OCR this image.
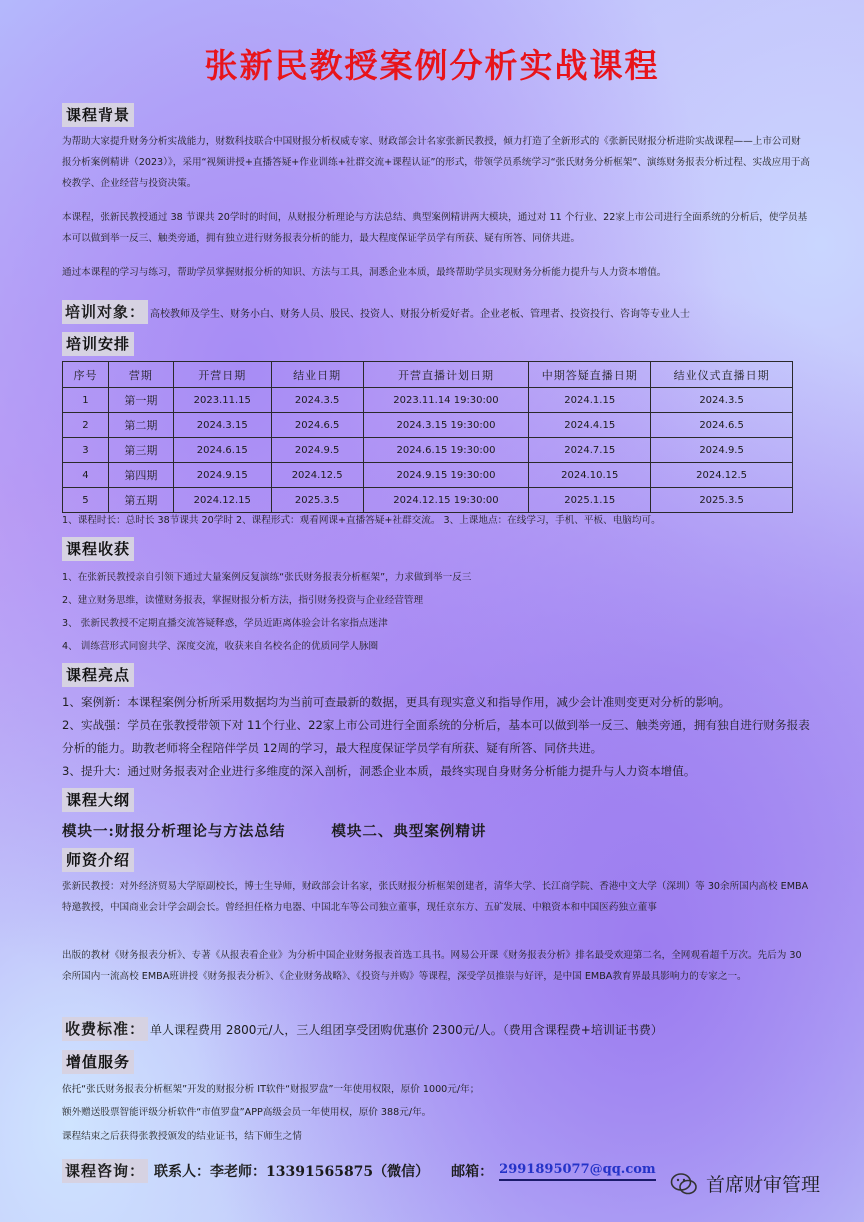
张新民教授案例分析实战课程
课程背景
为帮助大家提升财务分析实战能力，财数科技联合中国财报分析权威专家、财政部会计名家张新民教授，倾力打造了全新形式的《张新民财报分析进阶实战课程——上市公司财报分析案例精讲（2023）》，采用“视频讲授+直播答疑+作业训练+社群交流+课程认证”的形式，带领学员系统学习“张氏财务分析框架”、演练财务报表分析过程、实战应用于高校教学、企业经营与投资决策。
本课程，张新民教授通过 38 节课共 20学时的时间，从财报分析理论与方法总结、典型案例精讲两大模块，通过对 11 个行业、22家上市公司进行全面系统的分析后，使学员基本可以做到举一反三、触类旁通，拥有独立进行财务报表分析的能力，最大程度保证学员学有所获、疑有所答、同侪共进。
通过本课程的学习与练习，帮助学员掌握财报分析的知识、方法与工具，洞悉企业本质，最终帮助学员实现财务分析能力提升与人力资本增值。
培训对象： 高校教师及学生、财务小白、财务人员、股民、投资人、财报分析爱好者。企业老板、管理者、投资投行、咨询等专业人士
培训安排
序号	营期	开营日期	结业日期	开营直播计划日期	中期答疑直播日期	结业仪式直播日期
1	第一期	2023.11.15	2024.3.5	2023.11.14 19:30:00	2024.1.15	2024.3.5
2	第二期	2024.3.15	2024.6.5	2024.3.15 19:30:00	2024.4.15	2024.6.5
3	第三期	2024.6.15	2024.9.5	2024.6.15 19:30:00	2024.7.15	2024.9.5
4	第四期	2024.9.15	2024.12.5	2024.9.15 19:30:00	2024.10.15	2024.12.5
5	第五期	2024.12.15	2025.3.5	2024.12.15 19:30:00	2025.1.15	2025.3.5
1、课程时长：总时长 38节课共 20学时 2、课程形式：观看网课+直播答疑+社群交流。 3、上课地点：在线学习，手机、平板、电脑均可。
课程收获
1、在张新民教授亲自引领下通过大量案例反复演练“张氏财务报表分析框架”，力求做到举一反三
2、建立财务思维，读懂财务报表，掌握财报分析方法，指引财务投资与企业经营管理
3、 张新民教授不定期直播交流答疑释惑，学员近距离体验会计名家指点迷津
4、 训练营形式同窗共学、深度交流，收获来自名校名企的优质同学人脉圈
课程亮点
1、案例新：本课程案例分析所采用数据均为当前可查最新的数据，更具有现实意义和指导作用，减少会计准则变更对分析的影响。
2、实战强：学员在张教授带领下对 11个行业、22家上市公司进行全面系统的分析后，基本可以做到举一反三、触类旁通，拥有独自进行财务报表分析的能力。助教老师将全程陪伴学员 12周的学习，最大程度保证学员学有所获、疑有所答、同侪共进。
3、提升大：通过财务报表对企业进行多维度的深入剖析，洞悉企业本质，最终实现自身财务分析能力提升与人力资本增值。
课程大纲
模块一:财报分析理论与方法总结	模块二、典型案例精讲
师资介绍
张新民教授：对外经济贸易大学原副校长，博士生导师，财政部会计名家，张氏财报分析框架创建者，清华大学、长江商学院、香港中文大学（深圳）等 30余所国内高校 EMBA特邀教授，中国商业会计学会副会长。曾经担任格力电器、中国北车等公司独立董事，现任京东方、五矿发展、中粮资本和中国医药独立董事
出版的教材《财务报表分析》、专著《从报表看企业》为分析中国企业财务报表首选工具书。网易公开课《财务报表分析》排名最受欢迎第二名，全网观看超千万次。先后为 30余所国内一流高校 EMBA班讲授《财务报表分析》、《企业财务战略》、《投资与并购》等课程，深受学员推崇与好评，是中国 EMBA教育界最具影响力的专家之一。
收费标准： 单人课程费用 2800元/人，三人组团享受团购优惠价 2300元/人。（费用含课程费+培训证书费）
增值服务
依托“张氏财务报表分析框架”开发的财报分析 IT软件“财报罗盘”一年使用权限，原价 1000元/年；
额外赠送股票智能评级分析软件“市值罗盘”APP高级会员一年使用权，原价 388元/年。
课程结束之后获得张教授颁发的结业证书，结下师生之情
课程咨询： 联系人：李老师：13391565875（微信） 邮箱： 2991895077@qq.com
首席财审管理
